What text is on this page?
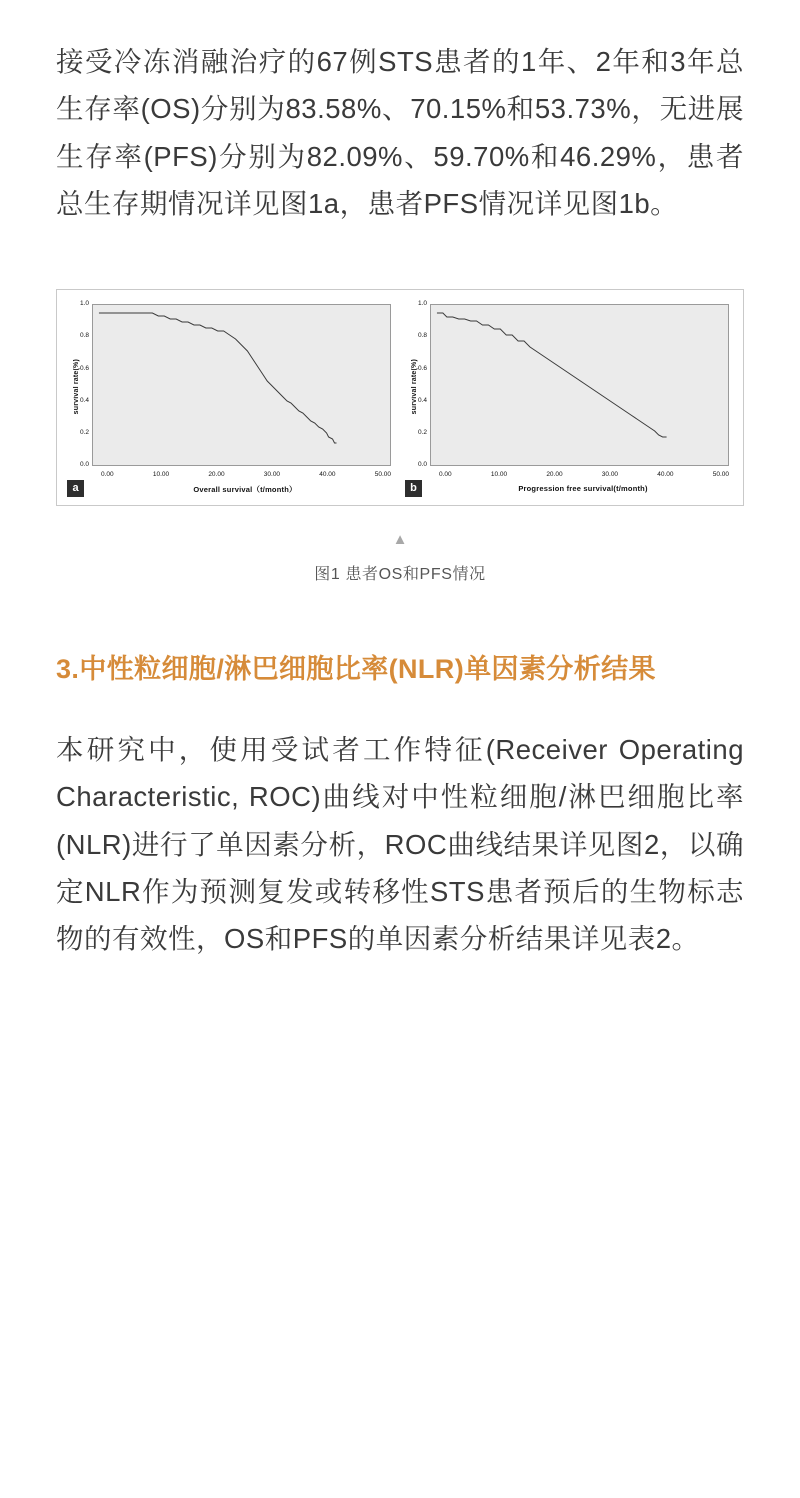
接受冷冻消融治疗的67例STS患者的1年、2年和3年总生存率(OS)分别为83.58%、70.15%和53.73%，无进展生存率(PFS)分别为82.09%、59.70%和46.29%，患者总生存期情况详见图1a，患者PFS情况详见图1b。

survival rate(%)
1.0
0.8
0.6
0.4
0.2
0.0
0.00	10.00	20.00	30.00	40.00	50.00
Overall survival（t/month）
a
survival rate(%)
1.0
0.8
0.6
0.4
0.2
0.0
0.00	10.00	20.00	30.00	40.00	50.00
Progression free survival(t/month)
b
▲
图1 患者OS和PFS情况
3.中性粒细胞/淋巴细胞比率(NLR)单因素分析结果

本研究中，使用受试者工作特征(Receiver Operating Characteristic, ROC)曲线对中性粒细胞/淋巴细胞比率(NLR)进行了单因素分析，ROC曲线结果详见图2，以确定NLR作为预测复发或转移性STS患者预后的生物标志物的有效性，OS和PFS的单因素分析结果详见表2。
